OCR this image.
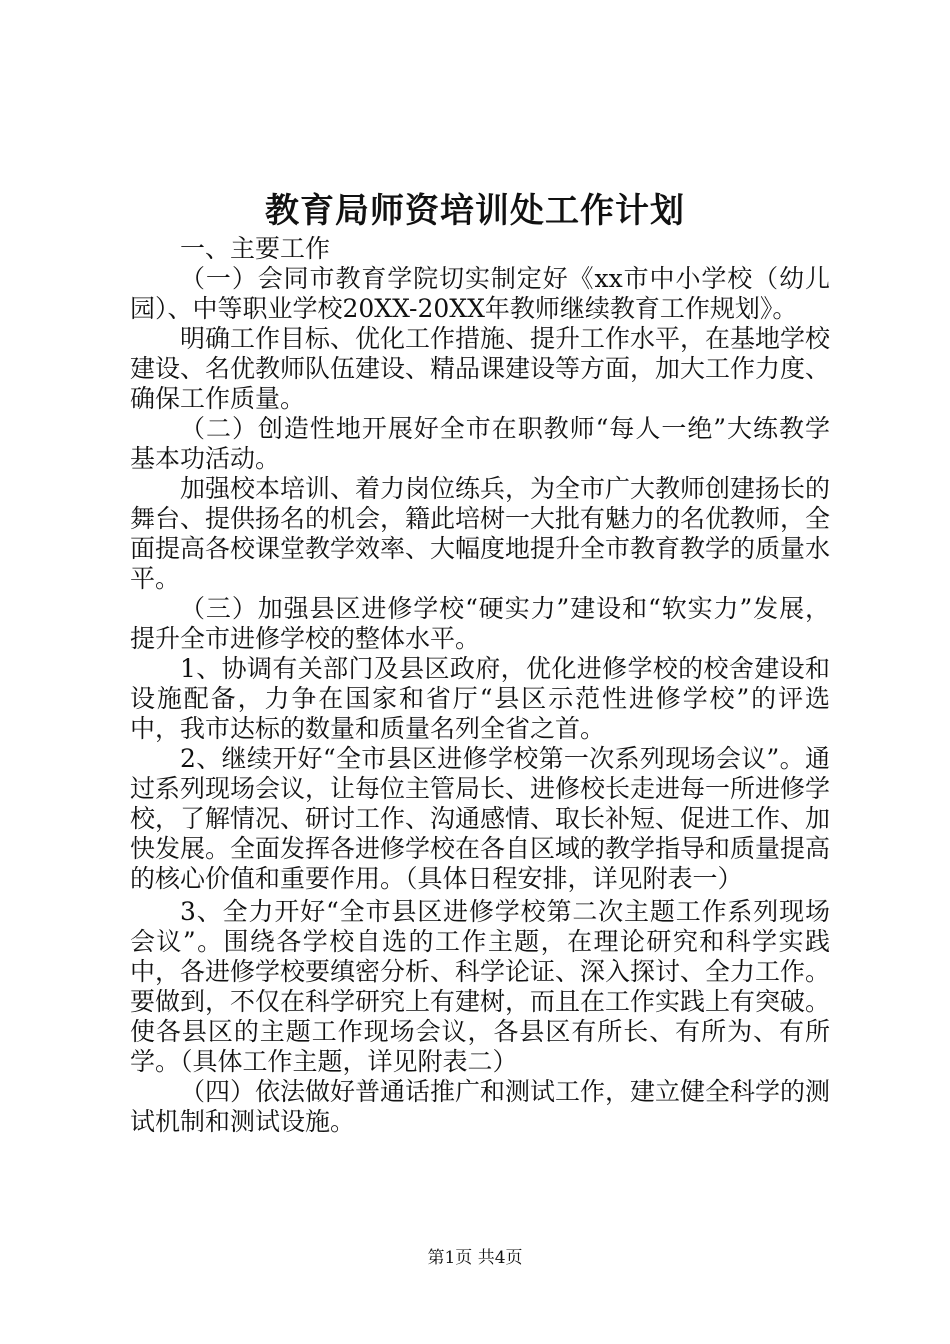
教育局师资培训处工作计划

一、主要工作

（一）会同市教育学院切实制定好《xx市中小学校（幼儿园）、中等职业学校20XX-20XX年教师继续教育工作规划》。

明确工作目标、优化工作措施、提升工作水平，在基地学校建设、名优教师队伍建设、精品课建设等方面，加大工作力度、确保工作质量。

（二）创造性地开展好全市在职教师“每人一绝”大练教学基本功活动。

加强校本培训、着力岗位练兵，为全市广大教师创建扬长的舞台、提供扬名的机会，籍此培树一大批有魅力的名优教师，全面提高各校课堂教学效率、大幅度地提升全市教育教学的质量水平。

（三）加强县区进修学校“硬实力”建设和“软实力”发展，提升全市进修学校的整体水平。

1、协调有关部门及县区政府，优化进修学校的校舍建设和设施配备，力争在国家和省厅“县区示范性进修学校”的评选中，我市达标的数量和质量名列全省之首。

2、继续开好“全市县区进修学校第一次系列现场会议”。通过系列现场会议，让每位主管局长、进修校长走进每一所进修学校，了解情况、研讨工作、沟通感情、取长补短、促进工作、加快发展。全面发挥各进修学校在各自区域的教学指导和质量提高的核心价值和重要作用。（具体日程安排，详见附表一）

3、全力开好“全市县区进修学校第二次主题工作系列现场会议”。围绕各学校自选的工作主题，在理论研究和科学实践中，各进修学校要缜密分析、科学论证、深入探讨、全力工作。要做到，不仅在科学研究上有建树，而且在工作实践上有突破。使各县区的主题工作现场会议，各县区有所长、有所为、有所学。（具体工作主题，详见附表二）

（四）依法做好普通话推广和测试工作，建立健全科学的测试机制和测试设施。

第1页 共4页
